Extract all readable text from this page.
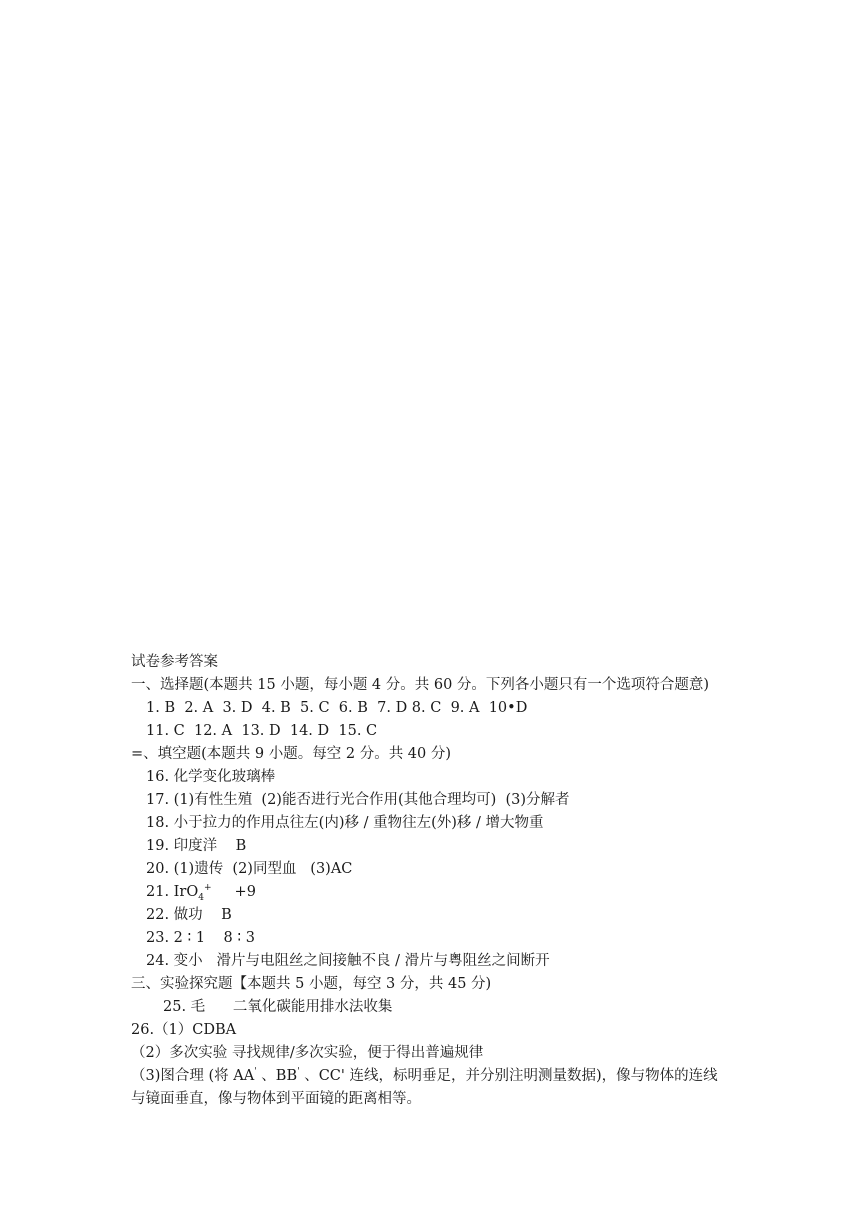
试卷参考答案
一、选择题(本题共 15 小题，每小题 4 分。共 60 分。下列各小题只有一个选项符合题意)
1. B  2. A  3. D  4. B  5. C  6. B  7. D 8. C  9. A  10•D
11. C  12. A  13. D  14. D  15. C
=、填空题(本题共 9 小题。每空 2 分。共 40 分)
16. 化学变化玻璃棒
17. (1)有性生殖  (2)能否进行光合作用(其他合理均可)  (3)分解者
18. 小于拉力的作用点往左(内)移 / 重物往左(外)移 / 增大物重
19. 印度洋    B
20. (1)遗传  (2)同型血   (3)AC
21. IrO$_4$+     +9
22. 做功    B
23. 2 ∶ 1    8 ∶ 3
24. 变小   滑片与电阻丝之间接触不良 / 滑片与粤阻丝之间断开
三、实验探究题【本题共 5 小题，每空 3 分，共 45 分)
25. 毛      二氧化碳能用排水法收集
26.（1）CDBA
（2）多次实验 寻找规律/多次实验，便于得出普遍规律
（3)图合理 (将 AA' 、BB' 、CC' 连线，标明垂足，并分别注明测量数据)，像与物体的连线
与镜面垂直，像与物体到平面镜的距离相等。
